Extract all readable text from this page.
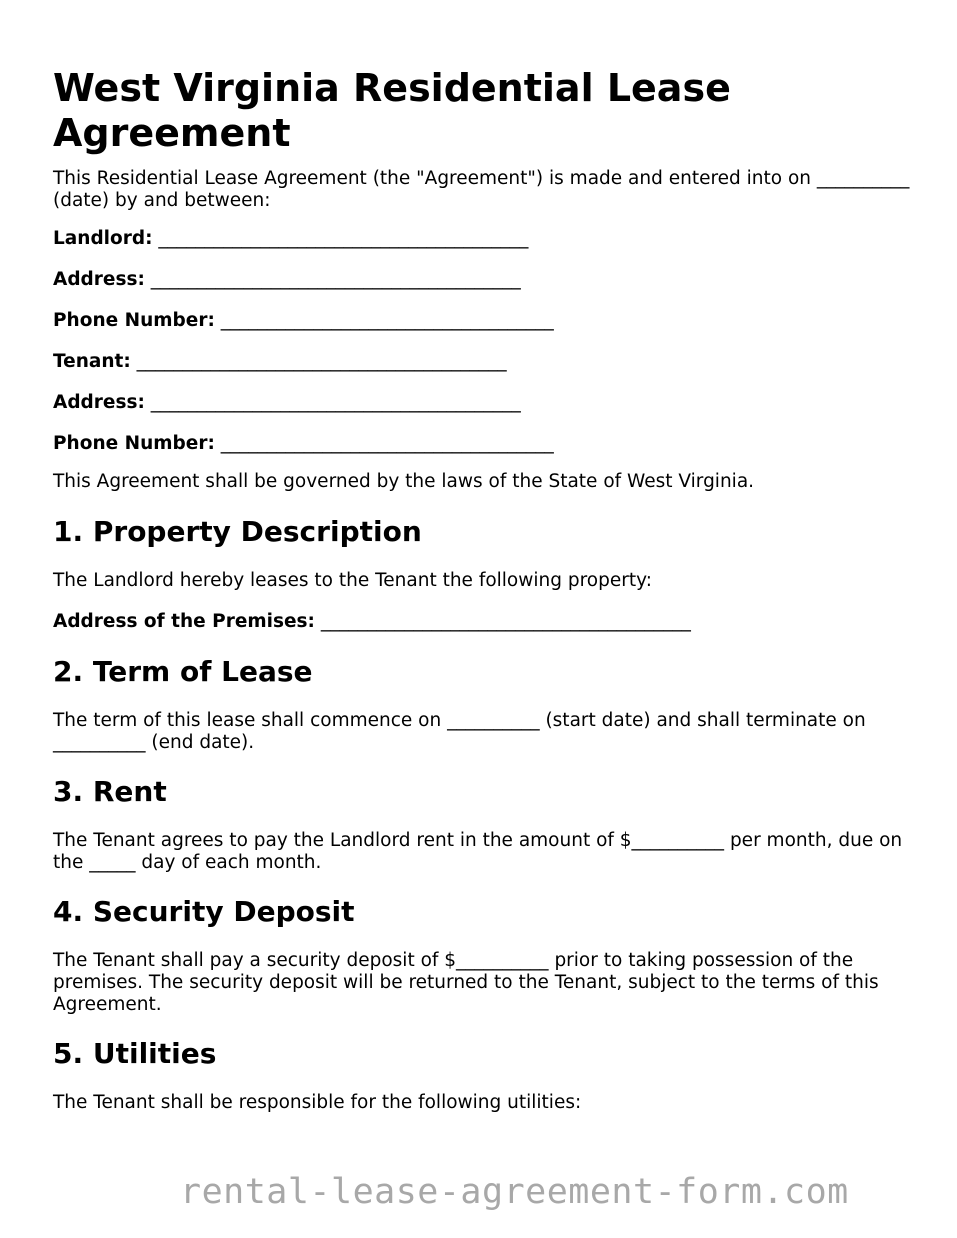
West Virginia Residential Lease Agreement

This Residential Lease Agreement (the "Agreement") is made and entered into on __________ (date) by and between:

Landlord: ________________________________________
Address: ________________________________________
Phone Number: ____________________________________
Tenant: ________________________________________
Address: ________________________________________
Phone Number: ____________________________________

This Agreement shall be governed by the laws of the State of West Virginia.

1. Property Description

The Landlord hereby leases to the Tenant the following property:

Address of the Premises: ________________________________________
2. Term of Lease

The term of this lease shall commence on __________ (start date) and shall terminate on __________ (end date).

3. Rent

The Tenant agrees to pay the Landlord rent in the amount of $__________ per month, due on the _____ day of each month.

4. Security Deposit

The Tenant shall pay a security deposit of $__________ prior to taking possession of the premises. The security deposit will be returned to the Tenant, subject to the terms of this Agreement.

5. Utilities

The Tenant shall be responsible for the following utilities:

rental-lease-agreement-form.com
